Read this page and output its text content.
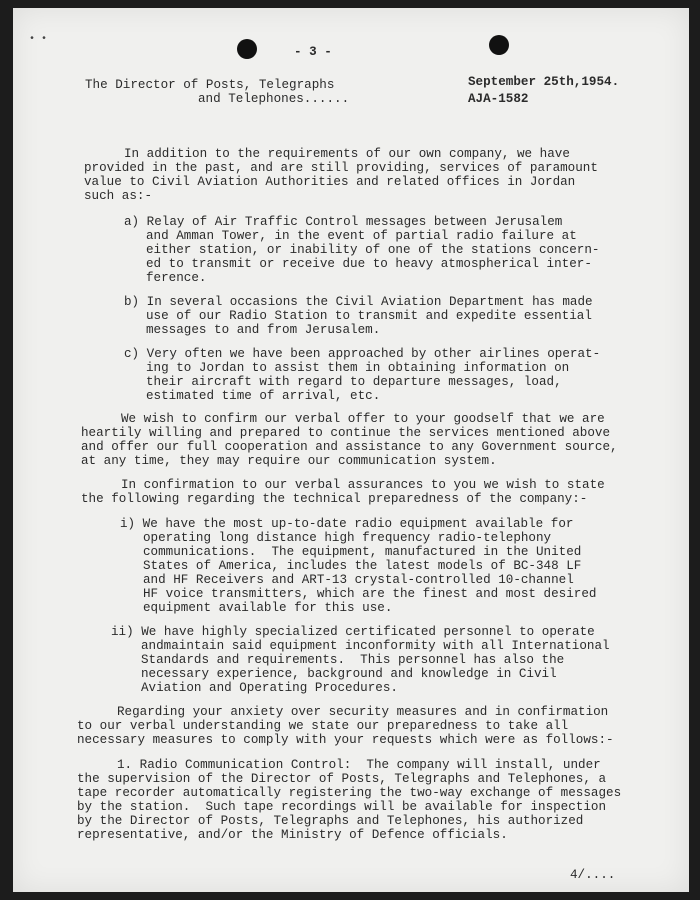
• •
- 3 -
The Director of Posts, Telegraphs
and Telephones......
September 25th,1954.
AJA-1582
In addition to the requirements of our own company, we have
provided in the past, and are still providing, services of paramount
value to Civil Aviation Authorities and related offices in Jordan
such as:-
a) Relay of Air Traffic Control messages between Jerusalem
and Amman Tower, in the event of partial radio failure at
either station, or inability of one of the stations concern-
ed to transmit or receive due to heavy atmospherical inter-
ference.
b) In several occasions the Civil Aviation Department has made
use of our Radio Station to transmit and expedite essential
messages to and from Jerusalem.
c) Very often we have been approached by other airlines operat-
ing to Jordan to assist them in obtaining information on
their aircraft with regard to departure messages, load,
estimated time of arrival, etc.
We wish to confirm our verbal offer to your goodself that we are
heartily willing and prepared to continue the services mentioned above
and offer our full cooperation and assistance to any Government source,
at any time, they may require our communication system.
In confirmation to our verbal assurances to you we wish to state
the following regarding the technical preparedness of the company:-
i) We have the most up-to-date radio equipment available for
operating long distance high frequency radio-telephony
communications.  The equipment, manufactured in the United
States of America, includes the latest models of BC-348 LF
and HF Receivers and ART-13 crystal-controlled 10-channel
HF voice transmitters, which are the finest and most desired
equipment available for this use.
ii) We have highly specialized certificated personnel to operate
andmaintain said equipment inconformity with all International
Standards and requirements.  This personnel has also the
necessary experience, background and knowledge in Civil
Aviation and Operating Procedures.
Regarding your anxiety over security measures and in confirmation
to our verbal understanding we state our preparedness to take all
necessary measures to comply with your requests which were as follows:-
1. Radio Communication Control:  The company will install, under
the supervision of the Director of Posts, Telegraphs and Telephones, a
tape recorder automatically registering the two-way exchange of messages
by the station.  Such tape recordings will be available for inspection
by the Director of Posts, Telegraphs and Telephones, his authorized
representative, and/or the Ministry of Defence officials.
4/....
